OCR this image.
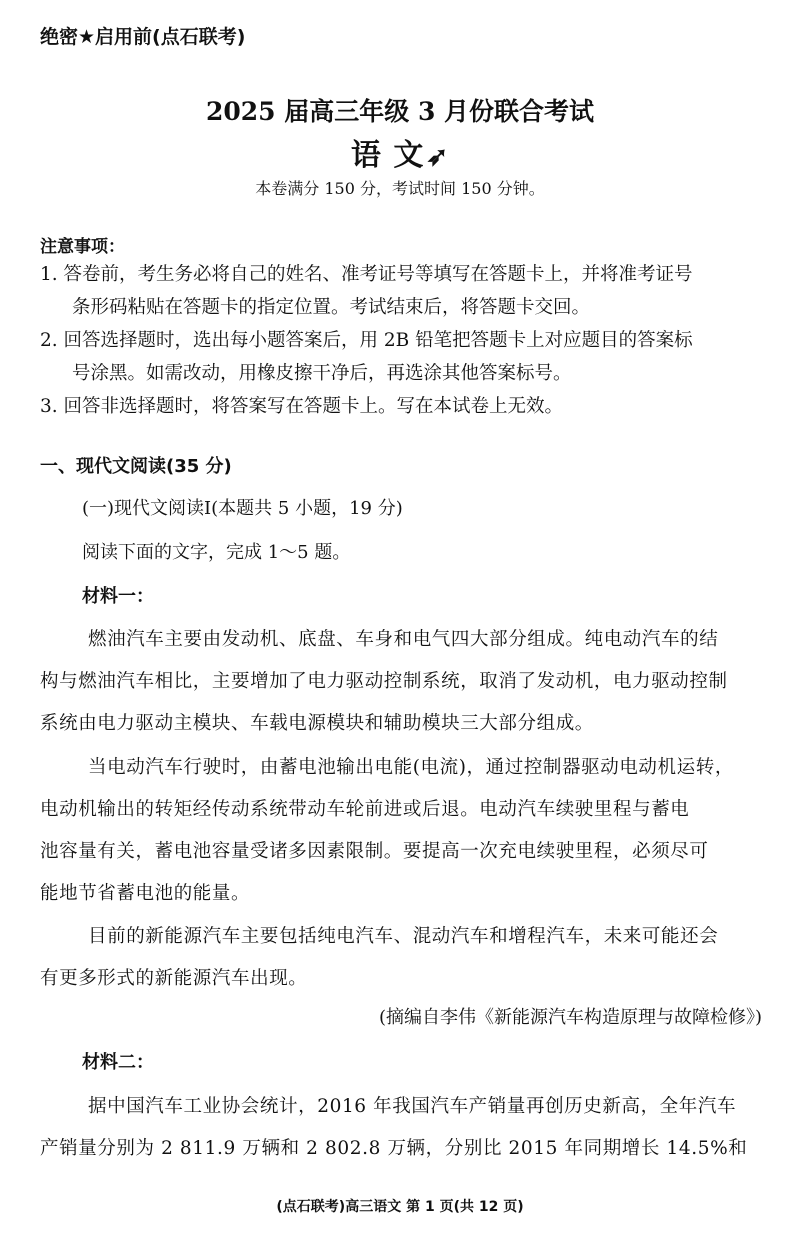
绝密★启用前(点石联考)
2025 届高三年级 3 月份联合考试
语 文➶
本卷满分 150 分，考试时间 150 分钟。
注意事项：
1. 答卷前，考生务必将自己的姓名、准考证号等填写在答题卡上，并将准考证号
条形码粘贴在答题卡的指定位置。考试结束后，将答题卡交回。
2. 回答选择题时，选出每小题答案后，用 2B 铅笔把答题卡上对应题目的答案标
号涂黑。如需改动，用橡皮擦干净后，再选涂其他答案标号。
3. 回答非选择题时，将答案写在答题卡上。写在本试卷上无效。
一、现代文阅读(35 分)
(一)现代文阅读Ⅰ(本题共 5 小题，19 分)
阅读下面的文字，完成 1～5 题。
材料一：
燃油汽车主要由发动机、底盘、车身和电气四大部分组成。纯电动汽车的结
构与燃油汽车相比，主要增加了电力驱动控制系统，取消了发动机，电力驱动控制
系统由电力驱动主模块、车载电源模块和辅助模块三大部分组成。
当电动汽车行驶时，由蓄电池输出电能(电流)，通过控制器驱动电动机运转，
电动机输出的转矩经传动系统带动车轮前进或后退。电动汽车续驶里程与蓄电
池容量有关，蓄电池容量受诸多因素限制。要提高一次充电续驶里程，必须尽可
能地节省蓄电池的能量。
目前的新能源汽车主要包括纯电汽车、混动汽车和增程汽车，未来可能还会
有更多形式的新能源汽车出现。
(摘编自李伟《新能源汽车构造原理与故障检修》)
材料二：
据中国汽车工业协会统计，2016 年我国汽车产销量再创历史新高，全年汽车
产销量分别为 2 811.9 万辆和 2 802.8 万辆，分别比 2015 年同期增长 14.5%和
(点石联考)高三语文 第 1 页(共 12 页)
